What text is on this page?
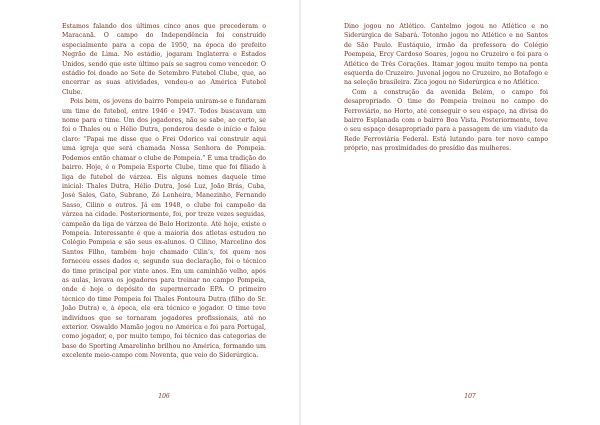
Estamos falando dos últimos cinco anos que precederam o Maracanã. O campo do Independência foi construído especialmente para a copa de 1950, na época do prefeito Negrão de Lima. No estádio, jogaram Inglaterra e Estados Unidos, sendo que este último país se sagrou como vencedor. O estádio foi doado ao Sete de Setembro Futebol Clube, que, ao encerrar as suas atividades, vendeu-o ao América Futebol Clube.

Pois bem, os jovens do bairro Pompeia uniram-se e fundaram um time de futebol, entre 1946 e 1947. Todos buscavam um nome para o time. Um dos jogadores, não se sabe, ao certo, se foi o Thales ou o Hélio Dutra, ponderou desde o início e falou claro: “Papai me disse que o Frei Odorico vai construir aqui uma igreja que será chamada Nossa Senhora de Pompeia. Podemos então chamar o clube de Pompeia.” É uma tradição do bairro. Hoje, é o Pompeia Esporte Clube, time que foi filiado à liga de futebol de várzea. Eis alguns nomes daquele time inicial: Thales Dutra, Hélio Dutra, José Luz, João Brás, Cuba, José Sales, Gato, Subrano, Zé Lenheira, Manezinho, Fernando Sasso, Cilino e outros. Já em 1948, o clube foi campeão da várzea na cidade. Posteriormente, foi, por treze vezes seguidas, campeão da liga de várzea de Belo Horizonte. Até hoje, existe o Pompeia. Interessante é que a maioria dos atletas estudou no Colégio Pompeia e são seus ex-alunos. O Cilino, Marcelino dos Santos Filho, também hoje chamado Cilin’s, foi quem nos forneceu esses dados e, segundo sua declaração, foi o técnico do time principal por vinte anos. Em um caminhão velho, após as aulas, levava os jogadores para treinar no campo Pompeia, onde é hoje o depósito do supermercado EPA. O primeiro técnico do time Pompeia foi Thales Fontoura Dutra (filho do Sr. João Dutra) e, à época, ele era técnico e jogador. O time teve indivíduos que se tornaram jogadores profissionais, até no exterior. Oswaldo Mamão jogou no América e foi para Portugal, como jogador, e, por muito tempo, foi técnico das categorias de base do Sporting Amarelinho brilhou no América, formando um excelente meio-campo com Noventa, que veio do Siderúrgica.

106

Dino jogou no Atlético. Cantelmo jogou no Atlético e no Siderúrgica de Sabará. Totonho jogou no Atlético e no Santos de São Paulo. Eustáquio, irmão da professora do Colégio Poempeia, Ercy Cardoso Soares, jogou no Cruzeiro e foi para o Atlético de Três Corações. Itamar jogou muito tempo na ponta esquerda do Cruzeiro. Juvenal jogou no Cruzeiro, no Botafogo e na seleção brasileira. Zica jogou no Siderúrgica e no Atlético.

Com a construção da avenida Belém, o campo foi desapropriado. O time do Pompeia treinou no campo do Ferroviário, no Horto, até conseguir o seu espaço, na divisa do bairro Esplanada com o bairro Boa Vista. Posteriormente, teve o seu espaço desapropriado para a passagem de um viaduto da Rede Ferroviária Federal. Está lutando para ter novo campo próprio, nas proximidades do presídio das mulheres.

107
